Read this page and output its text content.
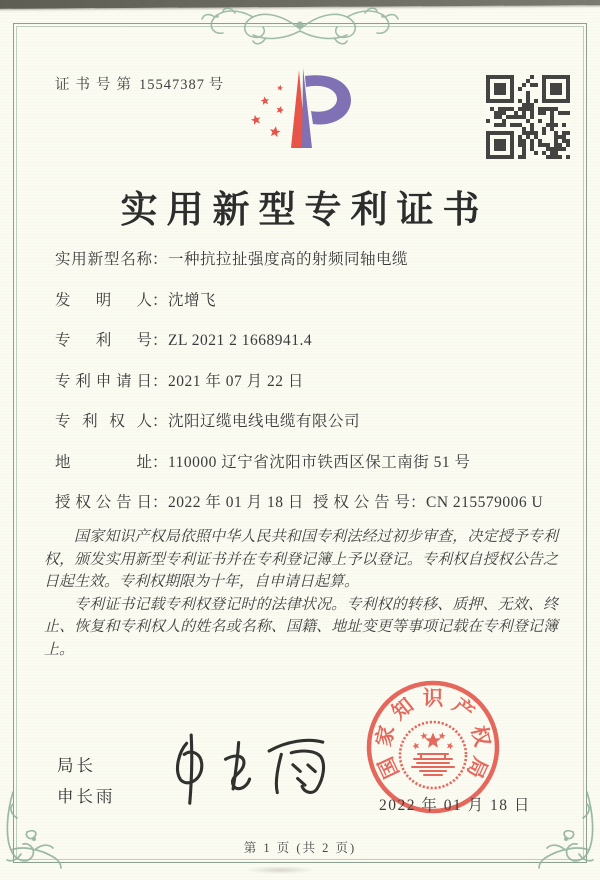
证书号第 15547387 号
实用新型专利证书
实用新型名称 ： 一种抗拉扯强度高的射频同轴电缆
发明人 ： 沈增飞
专利号 ： ZL 2021 2 1668941.4
专利申请日 ： 2021 年 07 月 22 日
专利权人 ： 沈阳辽缆电线电缆有限公司
地址 ： 110000 辽宁省沈阳市铁西区保工南街 51 号
授权公告日 ： 2022 年 01 月 18 日 授权公告号 ： CN 215579006 U

国家知识产权局依照中华人民共和国专利法经过初步审查，决定授予专利权，颁发实用新型专利证书并在专利登记簿上予以登记。专利权自授权公告之日起生效。专利权期限为十年，自申请日起算。

专利证书记载专利权登记时的法律状况。专利权的转移、质押、无效、终止、恢复和专利权人的姓名或名称、国籍、地址变更等事项记载在专利登记簿上。

局长
申长雨
国
家
知 识 产
权
局
2022 年 01 月 18 日
第 1 页 (共 2 页)
